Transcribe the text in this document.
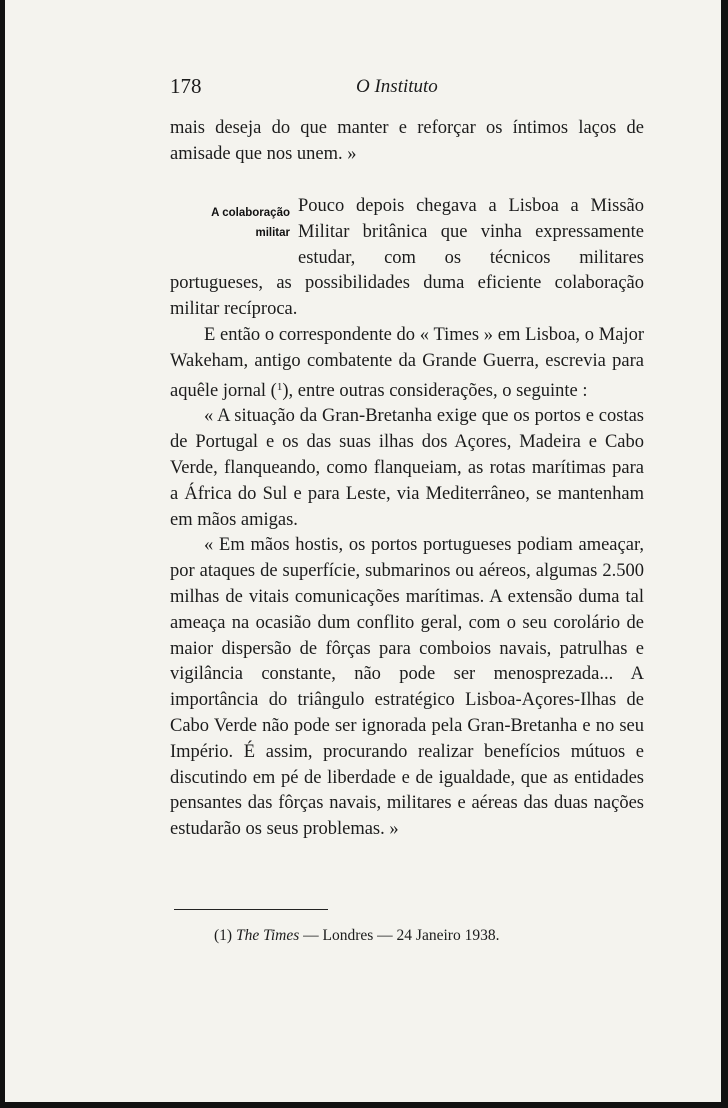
178	O Instituto
A colaboração
militar

mais deseja do que manter e reforçar os íntimos laços de amisade que nos unem. »

Pouco depois chegava a Lisboa a Missão Militar britânica que vinha expressamente estudar, com os técnicos militares portugueses, as possibilidades duma eficiente colaboração militar recíproca.

E então o correspondente do « Times » em Lisboa, o Major Wakeham, antigo combatente da Grande Guerra, escrevia para aquêle jornal ($^1$), entre outras considerações, o seguinte :

« A situação da Gran-Bretanha exige que os portos e costas de Portugal e os das suas ilhas dos Açores, Madeira e Cabo Verde, flanqueando, como flanqueiam, as rotas marítimas para a África do Sul e para Leste, via Mediterrâneo, se mantenham em mãos amigas.

« Em mãos hostis, os portos portugueses podiam ameaçar, por ataques de superfície, submarinos ou aéreos, algumas 2.500 milhas de vitais comunicações marítimas. A extensão duma tal ameaça na ocasião dum conflito geral, com o seu corolário de maior dispersão de fôrças para comboios navais, patrulhas e vigilância constante, não pode ser menosprezada... A importância do triângulo estratégico Lisboa-Açores-Ilhas de Cabo Verde não pode ser ignorada pela Gran-Bretanha e no seu Império. É assim, procurando realizar benefícios mútuos e discutindo em pé de liberdade e de igualdade, que as entidades pensantes das fôrças navais, militares e aéreas das duas nações estudarão os seus problemas. »

(1) The Times — Londres — 24 Janeiro 1938.
